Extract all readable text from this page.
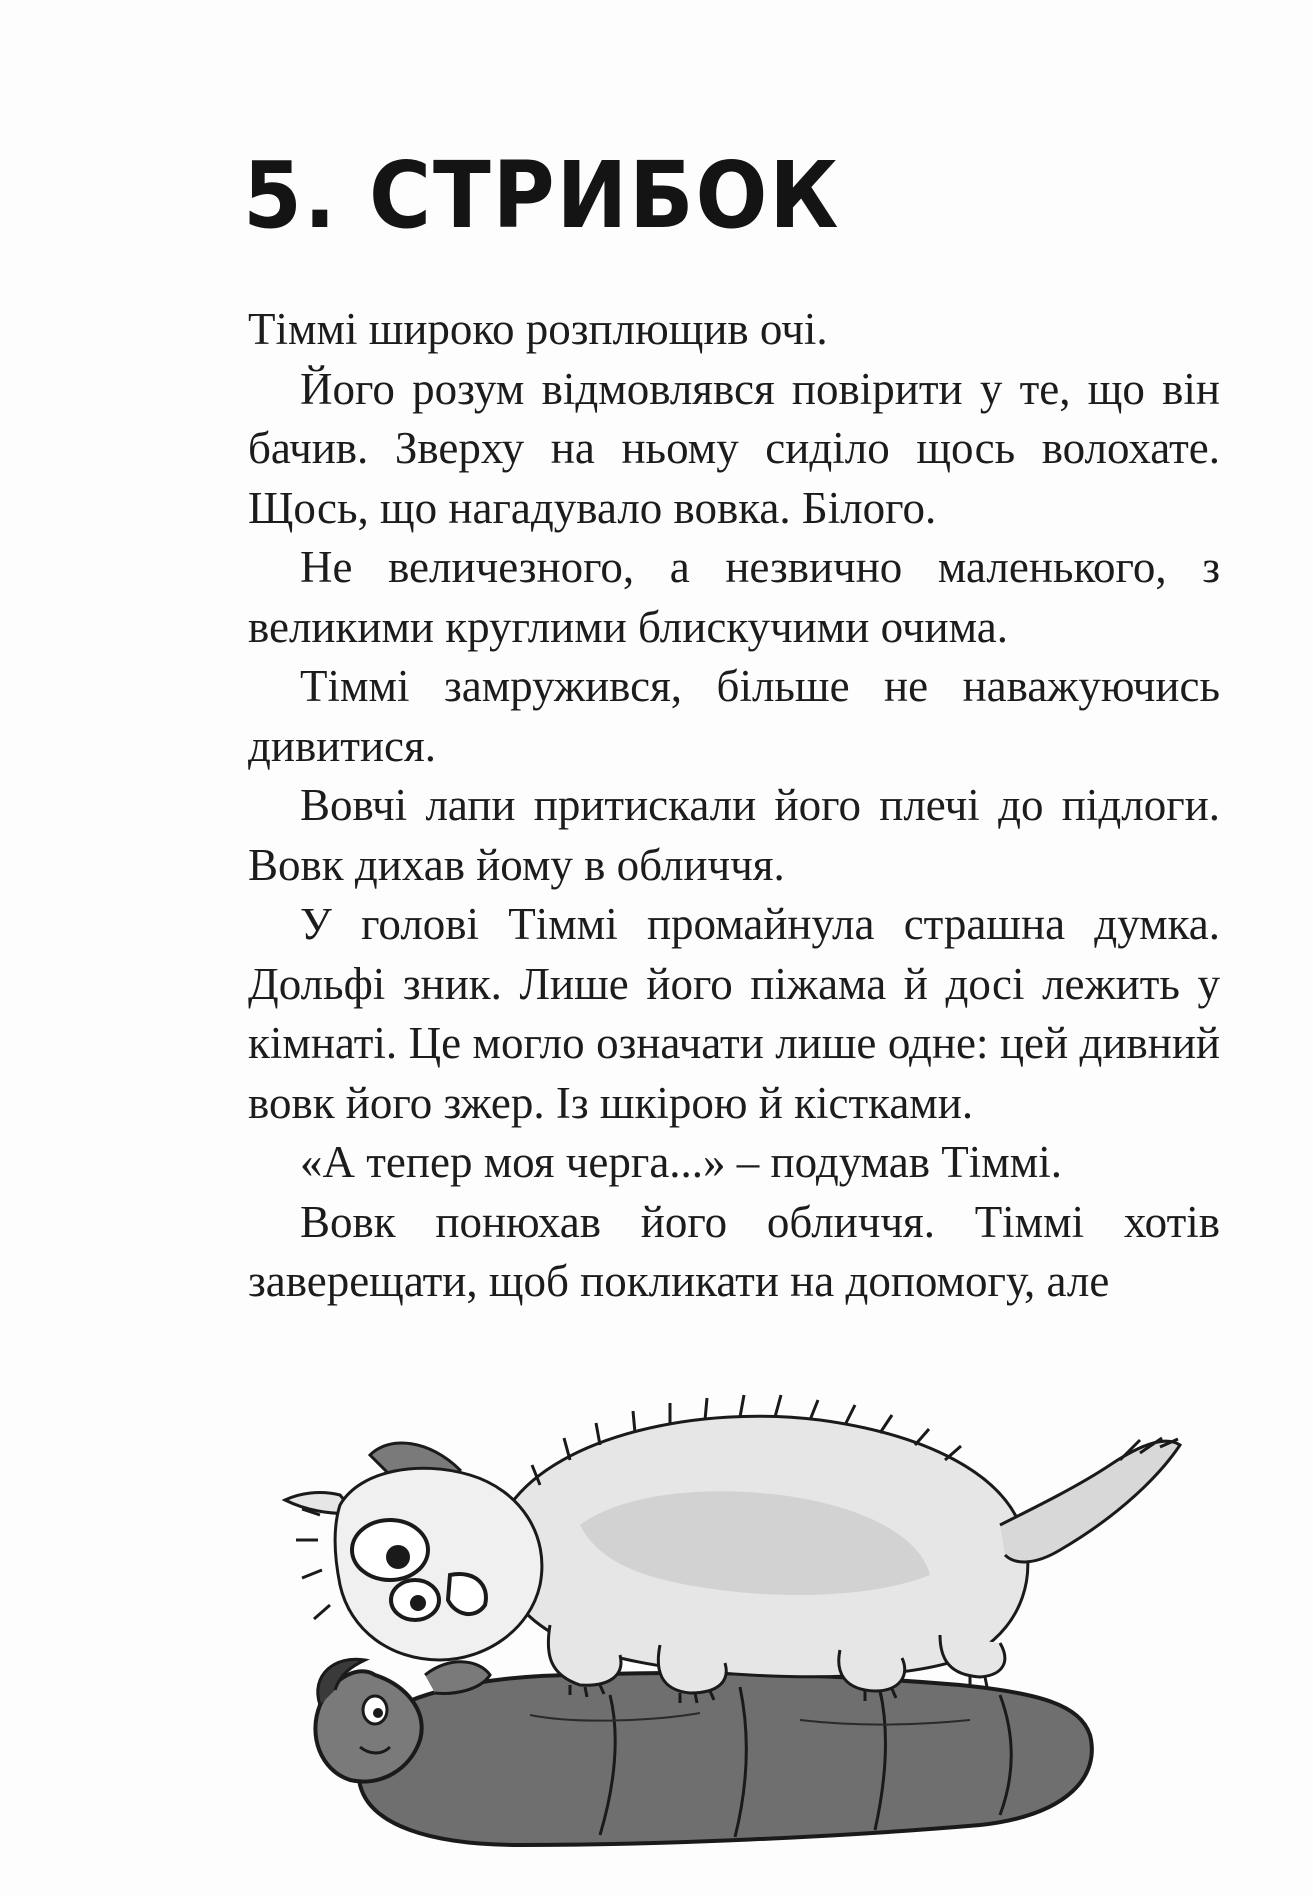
5. СТРИБОК

Тіммі широко розплющив очі.

Його розум відмовлявся повірити у те, що він бачив. Зверху на ньому сиділо щось волохате. Щось, що нагадувало вовка. Білого.

Не величезного, а незвично маленького, з великими круглими блискучими очима.

Тіммі замружився, більше не наважуючись дивитися.

Вовчі лапи притискали його плечі до підлоги. Вовк дихав йому в обличчя.

У голові Тіммі промайнула страшна думка. Дольфі зник. Лише його піжама й досі лежить у кімнаті. Це могло означати лише одне: цей дивний вовк його зжер. Із шкірою й кістками.

«А тепер моя черга...» – подумав Тіммі.

Вовк понюхав його обличчя. Тіммі хотів заверещати, щоб покликати на допомогу, але
